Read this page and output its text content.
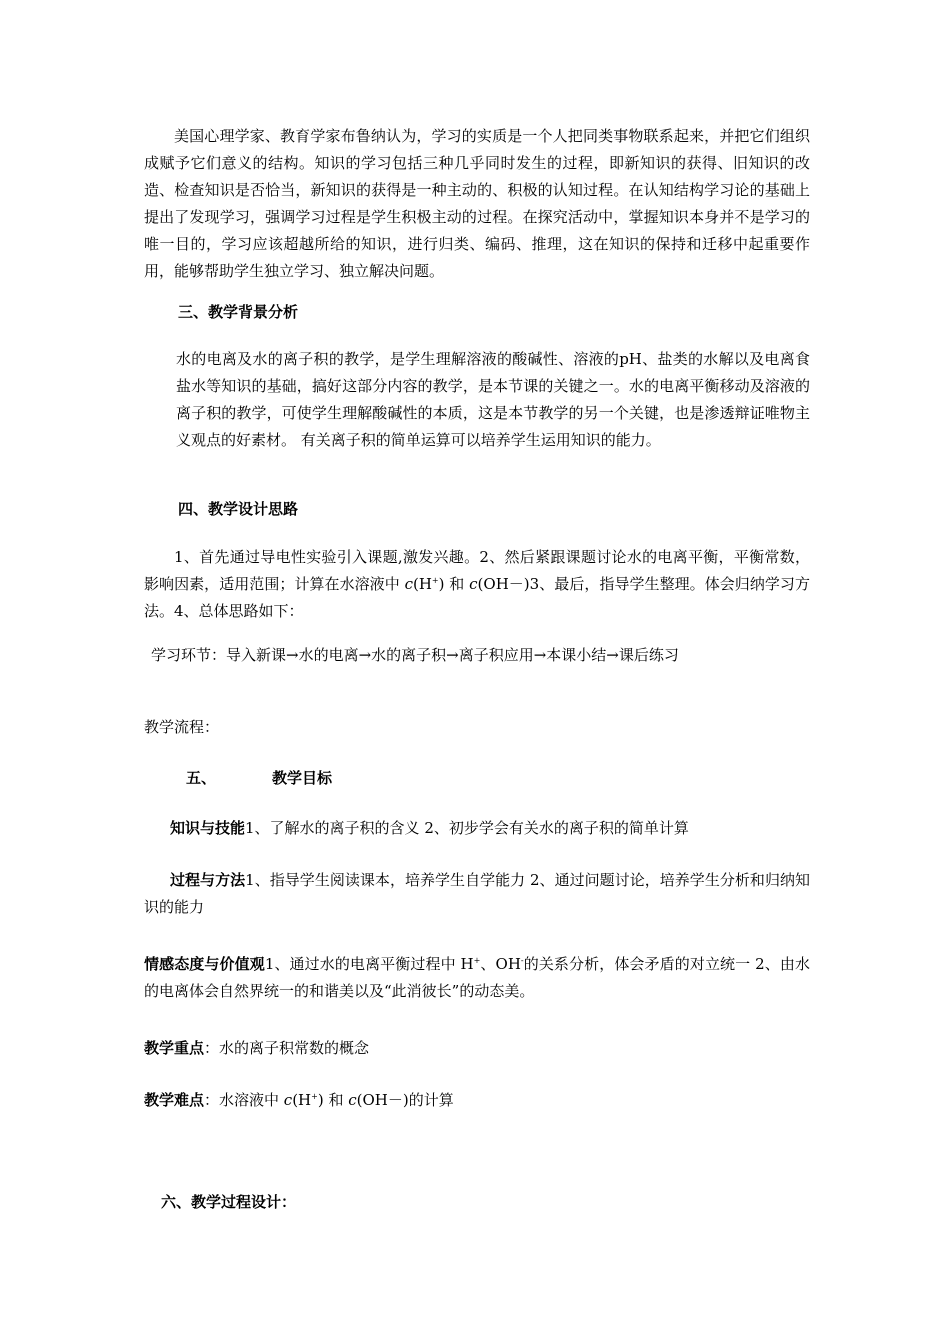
美国心理学家、教育学家布鲁纳认为，学习的实质是一个人把同类事物联系起来，并把它们组织成赋予它们意义的结构。知识的学习包括三种几乎同时发生的过程，即新知识的获得、旧知识的改造、检查知识是否恰当，新知识的获得是一种主动的、积极的认知过程。在认知结构学习论的基础上提出了发现学习，强调学习过程是学生积极主动的过程。在探究活动中，掌握知识本身并不是学习的唯一目的，学习应该超越所给的知识，进行归类、编码、推理，这在知识的保持和迁移中起重要作用，能够帮助学生独立学习、独立解决问题。
三、教学背景分析
水的电离及水的离子积的教学，是学生理解溶液的酸碱性、溶液的pH、盐类的水解以及电离食盐水等知识的基础，搞好这部分内容的教学，是本节课的关键之一。水的电离平衡移动及溶液的离子积的教学，可使学生理解酸碱性的本质，这是本节教学的另一个关键，也是渗透辩证唯物主义观点的好素材。 有关离子积的简单运算可以培养学生运用知识的能力。
四、教学设计思路
1、首先通过导电性实验引入课题,激发兴趣。2、然后紧跟课题讨论水的电离平衡，平衡常数，影响因素，适用范围；计算在水溶液中 c(H+) 和 c(OH－)3、最后，指导学生整理。体会归纳学习方法。4、总体思路如下：
学习环节：导入新课→水的电离→水的离子积→离子积应用→本课小结→课后练习
教学流程：
五、	教学目标
知识与技能1、了解水的离子积的含义 2、初步学会有关水的离子积的简单计算
过程与方法1、指导学生阅读课本，培养学生自学能力 2、通过问题讨论，培养学生分析和归纳知识的能力
情感态度与价值观1、通过水的电离平衡过程中 H+、OH-的关系分析，体会矛盾的对立统一 2、由水的电离体会自然界统一的和谐美以及“此消彼长”的动态美。
教学重点：水的离子积常数的概念
教学难点：水溶液中 c(H+) 和 c(OH－)的计算
六、教学过程设计：
